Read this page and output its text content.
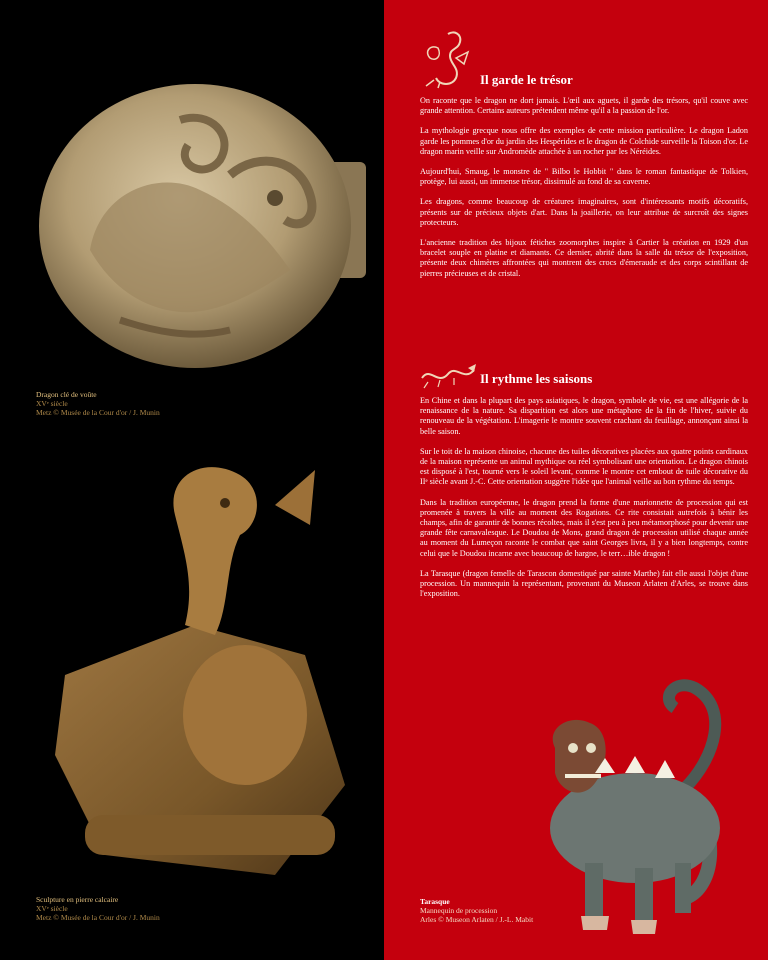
Dragon clé de voûte
XVᵉ siècle
Metz © Musée de la Cour d'or / J. Munin
Sculpture en pierre calcaire
XVᵉ siècle
Metz © Musée de la Cour d'or / J. Munin
Il garde le trésor

On raconte que le dragon ne dort jamais. L'œil aux aguets, il garde des trésors, qu'il couve avec grande attention. Certains auteurs prétendent même qu'il a la passion de l'or.

La mythologie grecque nous offre des exemples de cette mission particulière. Le dragon Ladon garde les pommes d'or du jardin des Hespérides et le dragon de Colchide surveille la Toison d'or. Le dragon marin veille sur Andromède attachée à un rocher par les Néréides.

Aujourd'hui, Smaug, le monstre de " Bilbo le Hobbit " dans le roman fantastique de Tolkien, protège, lui aussi, un immense trésor, dissimulé au fond de sa caverne.

Les dragons, comme beaucoup de créatures imaginaires, sont d'intéressants motifs décoratifs, présents sur de précieux objets d'art. Dans la joaillerie, on leur attribue de surcroît des signes protecteurs.

L'ancienne tradition des bijoux fétiches zoomorphes inspire à Cartier la création en 1929 d'un bracelet souple en platine et diamants. Ce dernier, abrité dans la salle du trésor de l'exposition, présente deux chimères affrontées qui montrent des crocs d'émeraude et des corps scintillant de pierres précieuses et de cristal.

Il rythme les saisons

En Chine et dans la plupart des pays asiatiques, le dragon, symbole de vie, est une allégorie de la renaissance de la nature. Sa disparition est alors une métaphore de la fin de l'hiver, suivie du renouveau de la végétation. L'imagerie le montre souvent crachant du feuillage, annonçant ainsi la belle saison.

Sur le toit de la maison chinoise, chacune des tuiles décoratives placées aux quatre points cardinaux de la maison représente un animal mythique ou réel symbolisant une orientation. Le dragon chinois est disposé à l'est, tourné vers le soleil levant, comme le montre cet embout de tuile décorative du IIᵉ siècle avant J.-C. Cette orientation suggère l'idée que l'animal veille au bon rythme du temps.

Dans la tradition européenne, le dragon prend la forme d'une marionnette de procession qui est promenée à travers la ville au moment des Rogations. Ce rite consistait autrefois à bénir les champs, afin de garantir de bonnes récoltes, mais il s'est peu à peu métamorphosé pour devenir une grande fête carnavalesque. Le Doudou de Mons, grand dragon de procession utilisé chaque année au moment du Lumeçon raconte le combat que saint Georges livra, il y a bien longtemps, contre celui que le Doudou incarne avec beaucoup de hargne, le terr…ible dragon !

La Tarasque (dragon femelle de Tarascon domestiqué par sainte Marthe) fait elle aussi l'objet d'une procession. Un mannequin la représentant, provenant du Museon Arlaten d'Arles, se trouve dans l'exposition.

Tarasque
Mannequin de procession
Arles © Museon Arlaten / J.-L. Mabit
